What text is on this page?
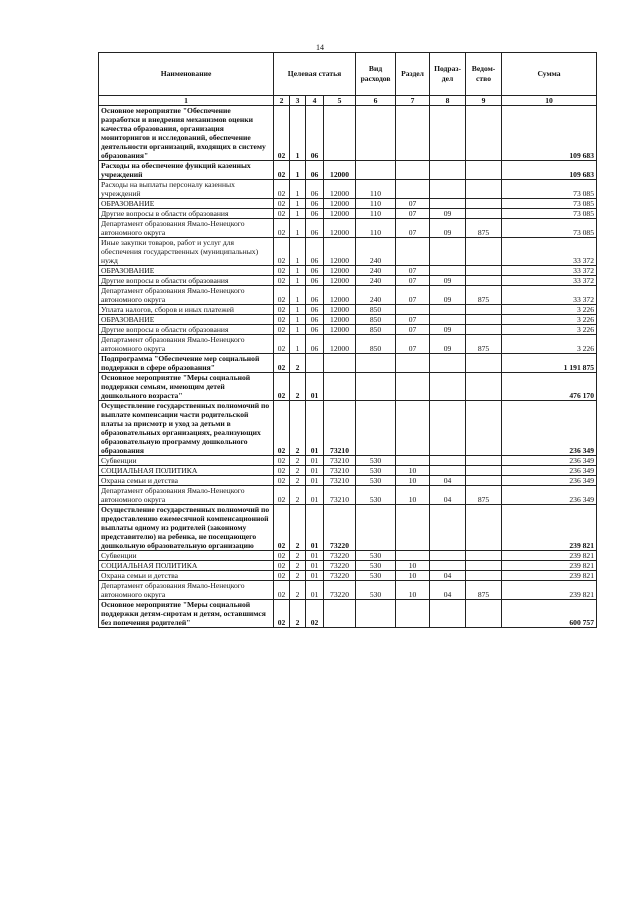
14
Наименование	Целевая статья				Вид расходов	Раздел	Подраз-дел	Ведом-ство	Сумма
1	2	3	4	5	6	7	8	9	10
Основное мероприятие "Обеспечение разработки и внедрения механизмов оценки качества образования, организация мониторингов и исследований, обеспечение деятельности организаций, входящих в систему образования"	02	1	06						109 683
Расходы на обеспечение функций казенных учреждений	02	1	06	12000					109 683
Расходы на выплаты персоналу казенных учреждений	02	1	06	12000	110				73 085
ОБРАЗОВАНИЕ	02	1	06	12000	110	07			73 085
Другие вопросы в области образования	02	1	06	12000	110	07	09		73 085
Департамент образования Ямало-Ненецкого автономного округа	02	1	06	12000	110	07	09	875	73 085
Иные закупки товаров, работ и услуг для обеспечения государственных (муниципальных) нужд	02	1	06	12000	240				33 372
ОБРАЗОВАНИЕ	02	1	06	12000	240	07			33 372
Другие вопросы в области образования	02	1	06	12000	240	07	09		33 372
Департамент образования Ямало-Ненецкого автономного округа	02	1	06	12000	240	07	09	875	33 372
Уплата налогов, сборов и иных платежей	02	1	06	12000	850				3 226
ОБРАЗОВАНИЕ	02	1	06	12000	850	07			3 226
Другие вопросы в области образования	02	1	06	12000	850	07	09		3 226
Департамент образования Ямало-Ненецкого автономного округа	02	1	06	12000	850	07	09	875	3 226
Подпрограмма "Обеспечение мер социальной поддержки в сфере образования"	02	2							1 191 875
Основное мероприятие "Меры социальной поддержки семьям, имеющим детей дошкольного возраста"	02	2	01						476 170
Осуществление государственных полномочий по выплате компенсации части родительской платы за присмотр и уход за детьми в образовательных организациях, реализующих образовательную программу дошкольного образования	02	2	01	73210					236 349
Субвенции	02	2	01	73210	530				236 349
СОЦИАЛЬНАЯ ПОЛИТИКА	02	2	01	73210	530	10			236 349
Охрана семьи и детства	02	2	01	73210	530	10	04		236 349
Департамент образования Ямало-Ненецкого автономного округа	02	2	01	73210	530	10	04	875	236 349
Осуществление государственных полномочий по предоставлению ежемесячной компенсационной выплаты одному из родителей (законному представителю) на ребенка, не посещающего дошкольную образовательную организацию	02	2	01	73220					239 821
Субвенции	02	2	01	73220	530				239 821
СОЦИАЛЬНАЯ ПОЛИТИКА	02	2	01	73220	530	10			239 821
Охрана семьи и детства	02	2	01	73220	530	10	04		239 821
Департамент образования Ямало-Ненецкого автономного округа	02	2	01	73220	530	10	04	875	239 821
Основное мероприятие "Меры социальной поддержки детям-сиротам и детям, оставшимся без попечения родителей"	02	2	02						600 757
